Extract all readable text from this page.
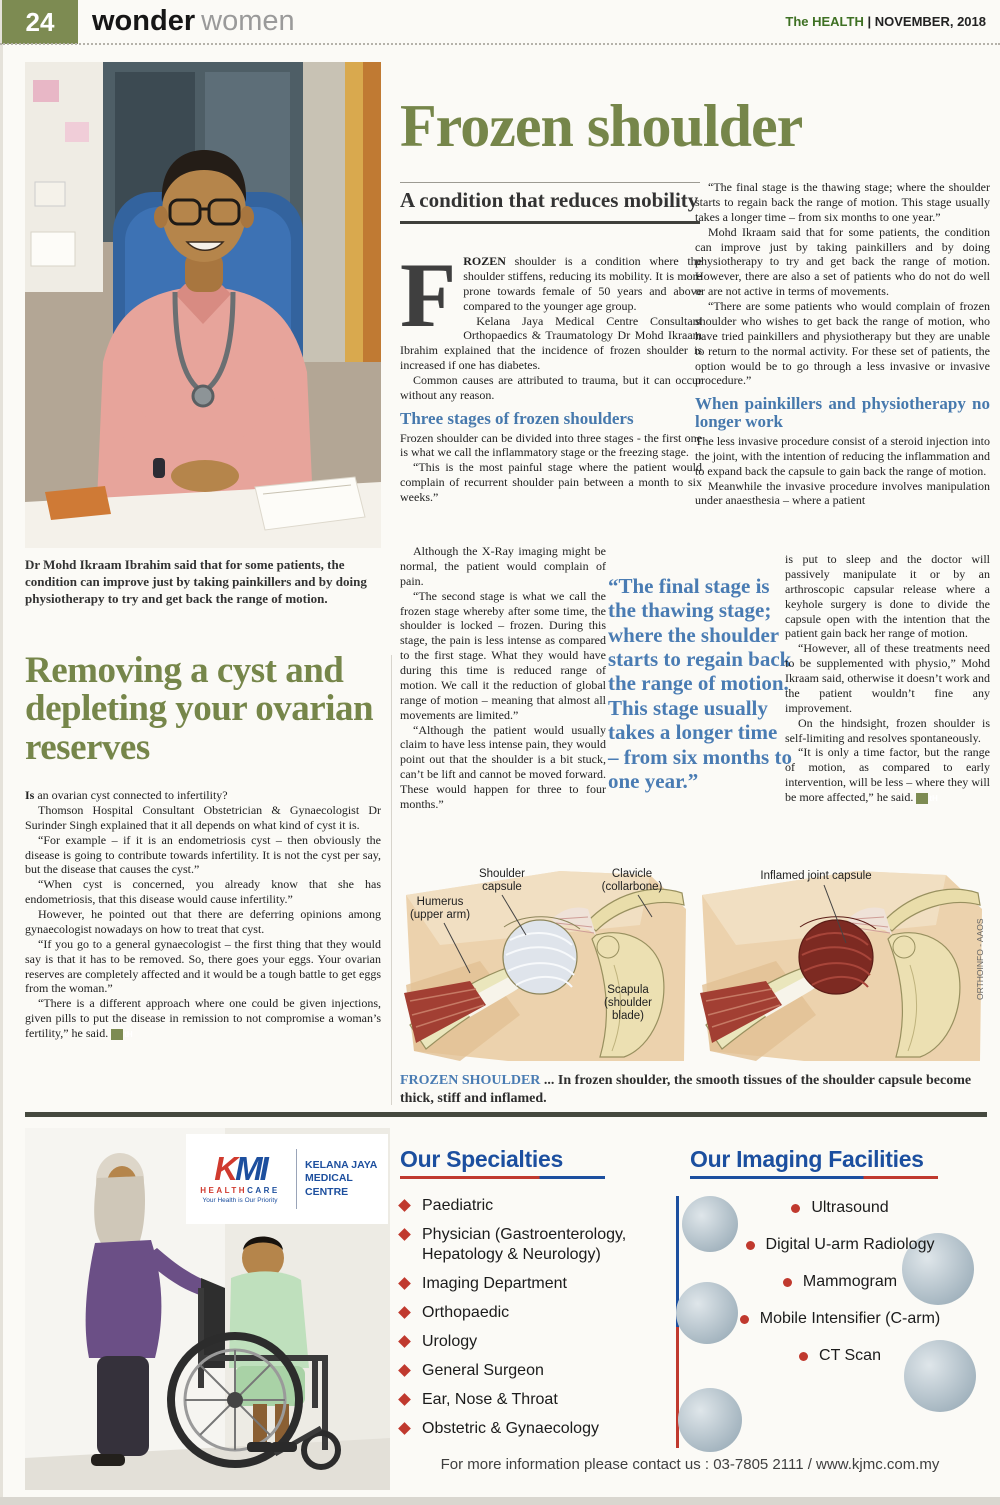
24	wonder women	The HEALTH | NOVEMBER, 2018
Dr Mohd Ikraam Ibrahim said that for some patients, the condition can improve just by taking painkillers and by doing physiotherapy to try and get back the range of motion.
Removing a cyst and depleting your ovarian reserves

Is an ovarian cyst connected to infertility?

Thomson Hospital Consultant Obstetrician & Gynaecologist Dr Surinder Singh explained that it all depends on what kind of cyst it is.

“For example – if it is an endometriosis cyst – then obviously the disease is going to contribute towards infertility. It is not the cyst per say, but the disease that causes the cyst.”

“When cyst is concerned, you already know that she has endometriosis, that this disease would cause infertility.”

However, he pointed out that there are deferring opinions among gynaecologist nowadays on how to treat that cyst.

“If you go to a general gynaecologist – the first thing that they would say is that it has to be removed. So, there goes your eggs. Your ovarian reserves are completely affected and it would be a tough battle to get eggs from the woman.”

“There is a different approach where one could be given injections, given pills to put the disease in remission to not compromise a woman’s fertility,” he said. tH

Frozen shoulder
A condition that reduces mobility

FROZEN shoulder is a condition where the shoulder stiffens, reducing its mobility. It is more prone towards female of 50 years and above compared to the younger age group.

Kelana Jaya Medical Centre Consultant Orthopaedics & Traumatology Dr Mohd Ikraam Ibrahim explained that the incidence of frozen shoulder is increased if one has diabetes.

Common causes are attributed to trauma, but it can occur without any reason.

Three stages of frozen shoulders

Frozen shoulder can be divided into three stages - the first one is what we call the inflammatory stage or the freezing stage.

“This is the most painful stage where the patient would complain of recurrent shoulder pain between a month to six weeks.”

Although the X-Ray imaging might be normal, the patient would complain of pain.

“The second stage is what we call the frozen stage whereby after some time, the shoulder is locked – frozen. During this stage, the pain is less intense as compared to the first stage. What they would have during this time is reduced range of motion. We call it the reduction of global range of motion – meaning that almost all movements are limited.”

“Although the patient would usually claim to have less intense pain, they would point out that the shoulder is a bit stuck, can’t be lift and cannot be moved forward. These would happen for three to four months.”

“The final stage is the thawing stage; where the shoulder starts to regain back the range of motion. This stage usually takes a longer time – from six months to one year.”

“The final stage is the thawing stage; where the shoulder starts to regain back the range of motion. This stage usually takes a longer time – from six months to one year.”

Mohd Ikraam said that for some patients, the condition can improve just by taking painkillers and by doing physiotherapy to try and get back the range of motion. However, there are also a set of patients who do not do well or are not active in terms of movements.

“There are some patients who would complain of frozen shoulder who wishes to get back the range of motion, who have tried painkillers and physiotherapy but they are unable to return to the normal activity. For these set of patients, the option would be to go through a less invasive or invasive procedure.”

When painkillers and physiotherapy no longer work

The less invasive procedure consist of a steroid injection into the joint, with the intention of reducing the inflammation and to expand back the capsule to gain back the range of motion.

Meanwhile the invasive procedure involves manipulation under anaesthesia – where a patient

is put to sleep and the doctor will passively manipulate it or by an arthroscopic capsular release where a keyhole surgery is done to divide the capsule open with the intention that the patient gain back her range of motion.

“However, all of these treatments need to be supplemented with physio,” Mohd Ikraam said, otherwise it doesn’t work and the patient wouldn’t fine any improvement.

On the hindsight, frozen shoulder is self-limiting and resolves spontaneously.

“It is only a time factor, but the range of motion, as compared to early intervention, will be less – where they will be more affected,” he said. tH

Shoulder
capsule
Clavicle
(collarbone)
Humerus
(upper arm)
Scapula
(shoulder
blade)
Inflamed joint capsule
ORTHOINFO - AAOS
FROZEN SHOULDER ... In frozen shoulder, the smooth tissues of the shoulder capsule become thick, stiff and inflamed.
KMI
HEALTHCARE
Your Health is Our Priority
KELANA JAYA
MEDICAL CENTRE
Our Specialties
Paediatric
Physician (Gastroenterology, Hepatology & Neurology)
Imaging Department
Orthopaedic
Urology
General Surgeon
Ear, Nose & Throat
Obstetric & Gynaecology
Our Imaging Facilities
Ultrasound
Digital U-arm Radiology
Mammogram
Mobile Intensifier (C-arm)
CT Scan
For more information please contact us : 03-7805 2111 / www.kjmc.com.my
